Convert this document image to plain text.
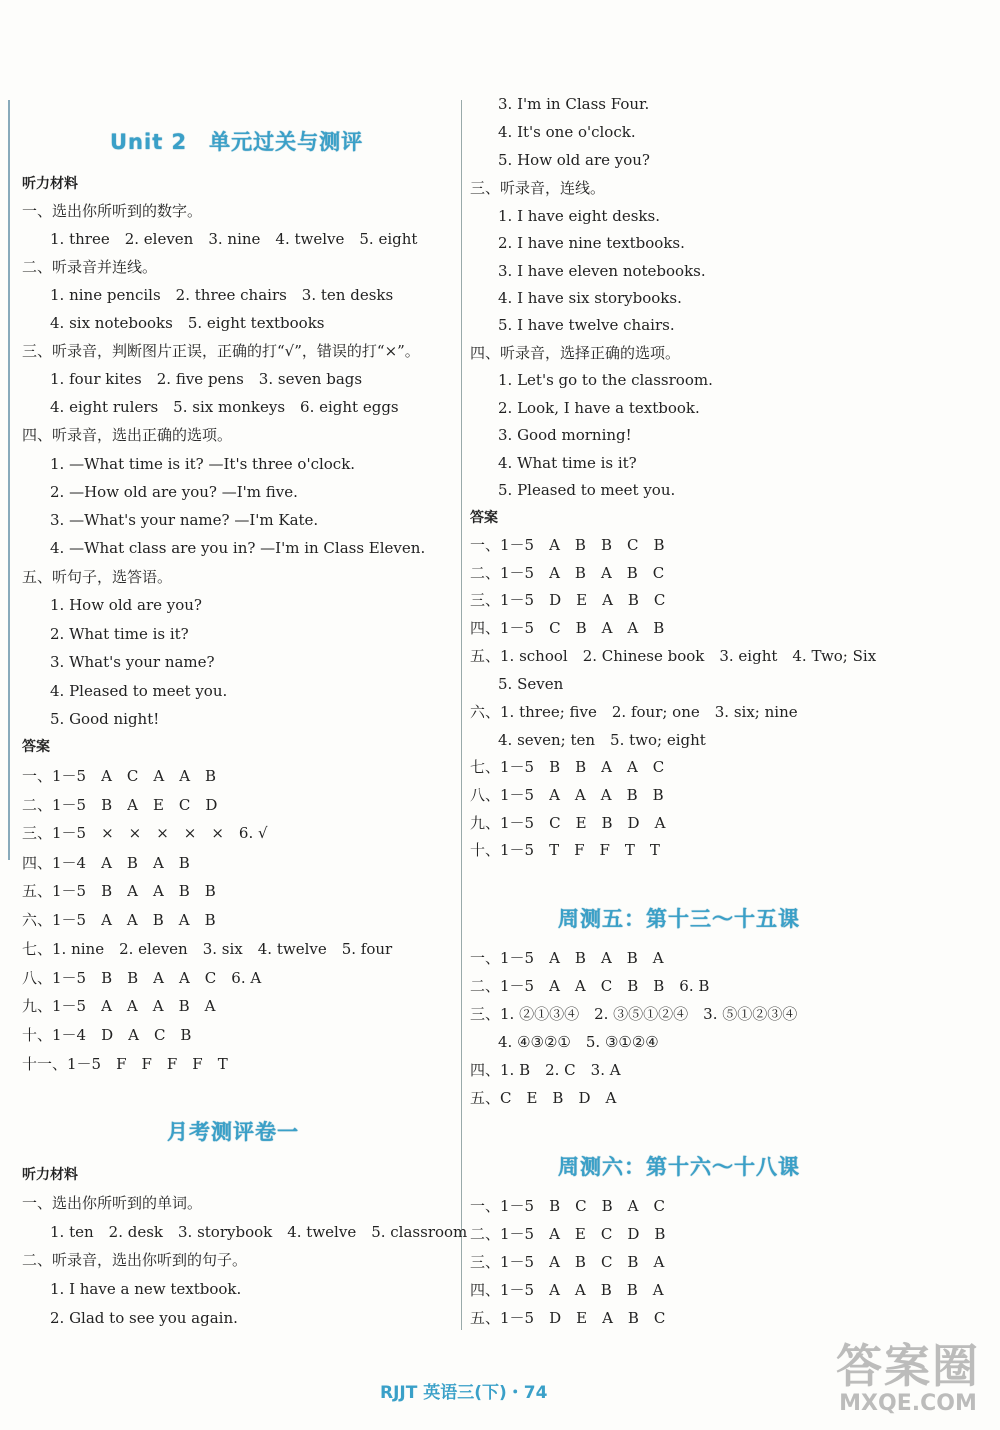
Unit 2　单元过关与测评
听力材料
一、选出你所听到的数字。
1. three　2. eleven　3. nine　4. twelve　5. eight
二、听录音并连线。
1. nine pencils　2. three chairs　3. ten desks
4. six notebooks　5. eight textbooks
三、听录音，判断图片正误，正确的打“√”，错误的打“×”。
1. four kites　2. five pens　3. seven bags
4. eight rulers　5. six monkeys　6. eight eggs
四、听录音，选出正确的选项。
1. —What time is it? —It's three o'clock.
2. —How old are you? —I'm five.
3. —What's your name? —I'm Kate.
4. —What class are you in? —I'm in Class Eleven.
五、听句子，选答语。
1. How old are you?
2. What time is it?
3. What's your name?
4. Pleased to meet you.
5. Good night!
答案
一、1－5　A　C　A　A　B
二、1－5　B　A　E　C　D
三、1－5　×　×　×　×　×　6. √
四、1－4　A　B　A　B
五、1－5　B　A　A　B　B
六、1－5　A　A　B　A　B
七、1. nine　2. eleven　3. six　4. twelve　5. four
八、1－5　B　B　A　A　C　6. A
九、1－5　A　A　A　B　A
十、1－4　D　A　C　B
十一、1－5　F　F　F　F　T
月考测评卷一
听力材料
一、选出你所听到的单词。
1. ten　2. desk　3. storybook　4. twelve　5. classroom
二、听录音，选出你听到的句子。
1. I have a new textbook.
2. Glad to see you again.
3. I'm in Class Four.
4. It's one o'clock.
5. How old are you?
三、听录音，连线。
1. I have eight desks.
2. I have nine textbooks.
3. I have eleven notebooks.
4. I have six storybooks.
5. I have twelve chairs.
四、听录音，选择正确的选项。
1. Let's go to the classroom.
2. Look, I have a textbook.
3. Good morning!
4. What time is it?
5. Pleased to meet you.
答案
一、1－5　A　B　B　C　B
二、1－5　A　B　A　B　C
三、1－5　D　E　A　B　C
四、1－5　C　B　A　A　B
五、1. school　2. Chinese book　3. eight　4. Two; Six
5. Seven
六、1. three; five　2. four; one　3. six; nine
4. seven; ten　5. two; eight
七、1－5　B　B　A　A　C
八、1－5　A　A　A　B　B
九、1－5　C　E　B　D　A
十、1－5　T　F　F　T　T
周测五：第十三～十五课
一、1－5　A　B　A　B　A
二、1－5　A　A　C　B　B　6. B
三、1. ②①③④　2. ③⑤①②④　3. ⑤①②③④
4. ④③②①　5. ③①②④
四、1. B　2. C　3. A
五、C　E　B　D　A
周测六：第十六～十八课
一、1－5　B　C　B　A　C
二、1－5　A　E　C　D　B
三、1－5　A　B　C　B　A
四、1－5　A　A　B　B　A
五、1－5　D　E　A　B　C
RJJT 英语三(下)・74	答案圈
MXQE.COM
